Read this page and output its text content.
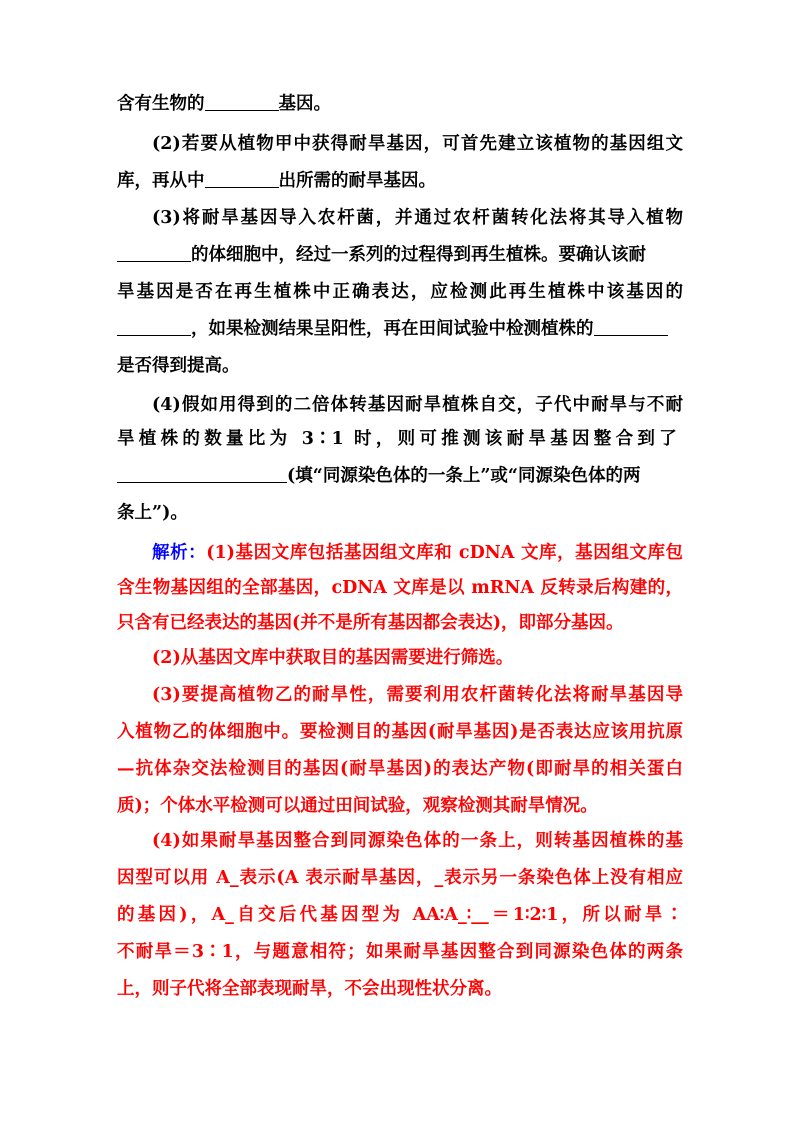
含有生物的	基因。
(2)若要从植物甲中获得耐旱基因，可首先建立该植物的基因组文
库，再从中	出所需的耐旱基因。
(3)将耐旱基因导入农杆菌，并通过农杆菌转化法将其导入植物
的体细胞中，经过一系列的过程得到再生植株。要确认该耐
旱基因是否在再生植株中正确表达，应检测此再生植株中该基因的
，如果检测结果呈阳性，再在田间试验中检测植株的
是否得到提高。
(4)假如用得到的二倍体转基因耐旱植株自交，子代中耐旱与不耐
旱植株的数量比为 3∶1 时，则可推测该耐旱基因整合到了
(填“同源染色体的一条上”或“同源染色体的两
条上”)。
解析：(1)基因文库包括基因组文库和 cDNA 文库，基因组文库包
含生物基因组的全部基因，cDNA 文库是以 mRNA 反转录后构建的，
只含有已经表达的基因(并不是所有基因都会表达)，即部分基因。
(2)从基因文库中获取目的基因需要进行筛选。
(3)要提高植物乙的耐旱性，需要利用农杆菌转化法将耐旱基因导
入植物乙的体细胞中。要检测目的基因(耐旱基因)是否表达应该用抗原
—抗体杂交法检测目的基因(耐旱基因)的表达产物(即耐旱的相关蛋白
质)；个体水平检测可以通过田间试验，观察检测其耐旱情况。
(4)如果耐旱基因整合到同源染色体的一条上，则转基因植株的基
因型可以用 A_表示(A 表示耐旱基因，_表示另一条染色体上没有相应
的基因)，A_自交后代基因型为 AA∶A_∶__＝1∶2∶1，所以耐旱∶
不耐旱＝3∶1，与题意相符；如果耐旱基因整合到同源染色体的两条
上，则子代将全部表现耐旱，不会出现性状分离。
